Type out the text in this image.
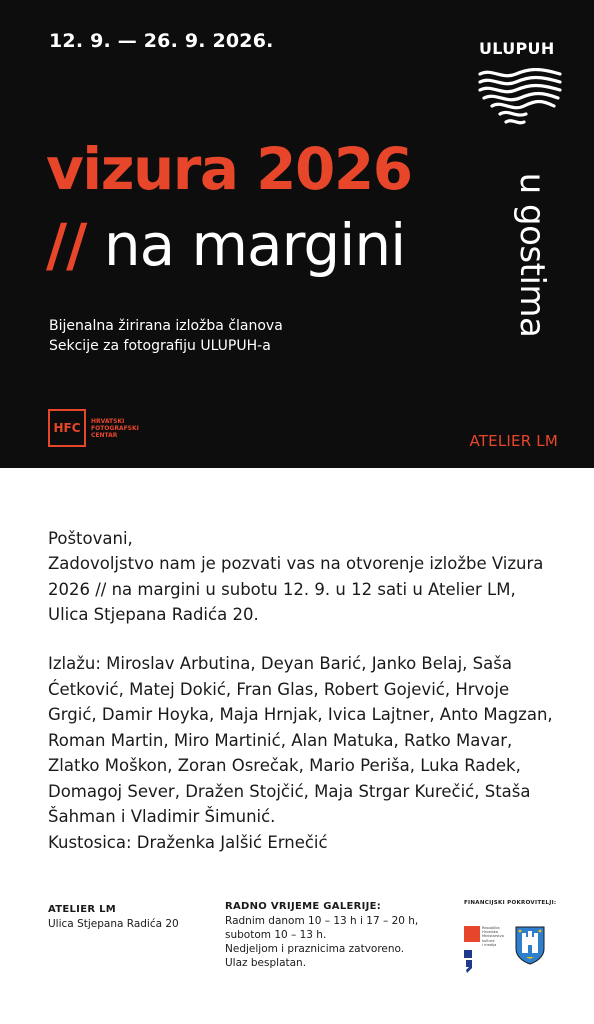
12. 9. — 26. 9. 2026.
vizura 2026
// na margini
Bijenalna žirirana izložba članova
Sekcije za fotografiju ULUPUH-a
ULUPUH
u gostima
HFC	HRVATSKI
FOTOGRAFSKI
CENTAR	ATELIER LM
Poštovani,
Zadovoljstvo nam je pozvati vas na otvorenje izložbe Vizura 2026 // na margini u subotu 12. 9. u 12 sati u Atelier LM, Ulica Stjepana Radića 20.
Izlažu: Miroslav Arbutina, Deyan Barić, Janko Belaj, Saša Ćetković, Matej Dokić, Fran Glas, Robert Gojević, Hrvoje Grgić, Damir Hoyka, Maja Hrnjak, Ivica Lajtner, Anto Magzan, Roman Martin, Miro Martinić, Alan Matuka, Ratko Mavar, Zlatko Moškon, Zoran Osrečak, Mario Periša, Luka Radek, Domagoj Sever, Dražen Stojčić, Maja Strgar Kurečić, Staša Šahman i Vladimir Šimunić.
Kustosica: Draženka Jalšić Ernečić
ATELIER LM
Ulica Stjepana Radića 20
RADNO VRIJEME GALERIJE:
Radnim danom 10 – 13 h i 17 – 20 h,
subotom 10 – 13 h.
Nedjeljom i praznicima zatvoreno.
Ulaz besplatan.
FINANCIJSKI POKROVITELJI:
Republika
Hrvatska
Ministarstvo
kulture
i medija
